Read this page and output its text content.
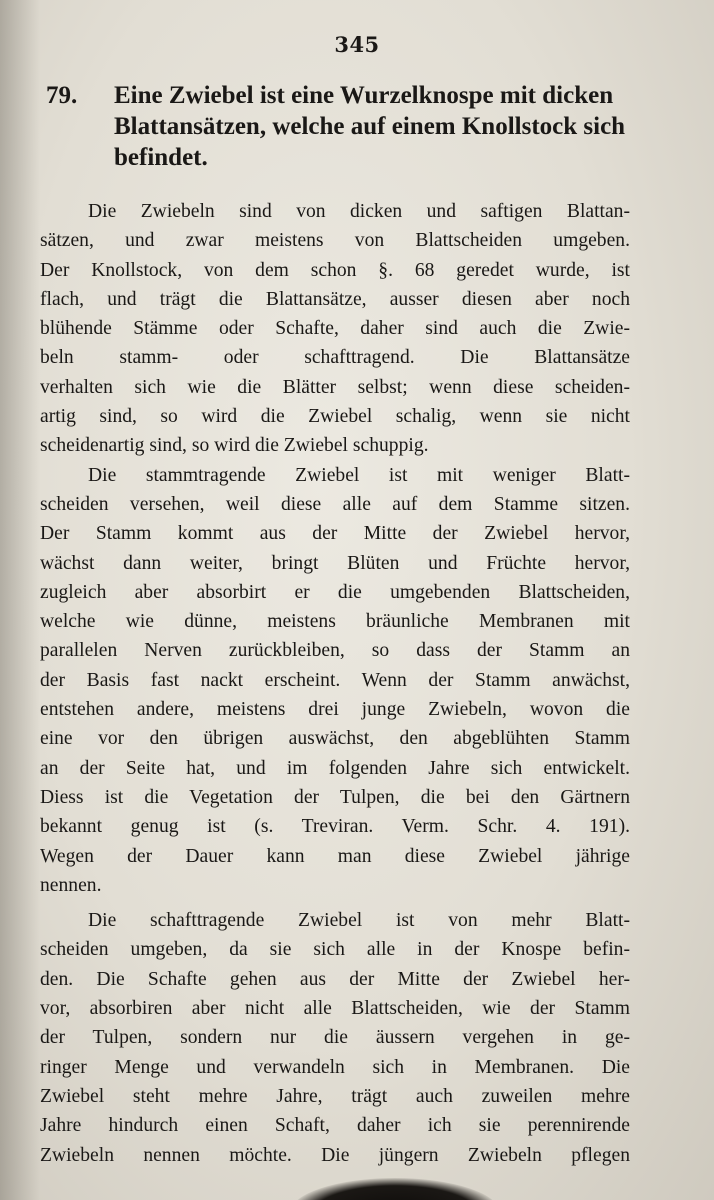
345
79. Eine Zwiebel ist eine Wurzelknospe mit dicken Blattansätzen, welche auf einem Knollstock sich befindet.
Die Zwiebeln sind von dicken und saftigen Blattan-
sätzen, und zwar meistens von Blattscheiden umgeben.
Der Knollstock, von dem schon §. 68 geredet wurde, ist
flach, und trägt die Blattansätze, ausser diesen aber noch
blühende Stämme oder Schafte, daher sind auch die Zwie-
beln stamm- oder schafttragend. Die Blattansätze
verhalten sich wie die Blätter selbst; wenn diese scheiden-
artig sind, so wird die Zwiebel schalig, wenn sie nicht
scheidenartig sind, so wird die Zwiebel schuppig.
Die stammtragende Zwiebel ist mit weniger Blatt-
scheiden versehen, weil diese alle auf dem Stamme sitzen.
Der Stamm kommt aus der Mitte der Zwiebel hervor,
wächst dann weiter, bringt Blüten und Früchte hervor,
zugleich aber absorbirt er die umgebenden Blattscheiden,
welche wie dünne, meistens bräunliche Membranen mit
parallelen Nerven zurückbleiben, so dass der Stamm an
der Basis fast nackt erscheint. Wenn der Stamm anwächst,
entstehen andere, meistens drei junge Zwiebeln, wovon die
eine vor den übrigen auswächst, den abgeblühten Stamm
an der Seite hat, und im folgenden Jahre sich entwickelt.
Diess ist die Vegetation der Tulpen, die bei den Gärtnern
bekannt genug ist (s. Treviran. Verm. Schr. 4. 191).
Wegen der Dauer kann man diese Zwiebel jährige
nennen.
Die schafttragende Zwiebel ist von mehr Blatt-
scheiden umgeben, da sie sich alle in der Knospe befin-
den. Die Schafte gehen aus der Mitte der Zwiebel her-
vor, absorbiren aber nicht alle Blattscheiden, wie der Stamm
der Tulpen, sondern nur die äussern vergehen in ge-
ringer Menge und verwandeln sich in Membranen. Die
Zwiebel steht mehre Jahre, trägt auch zuweilen mehre
Jahre hindurch einen Schaft, daher ich sie perennirende
Zwiebeln nennen möchte. Die jüngern Zwiebeln pflegen
